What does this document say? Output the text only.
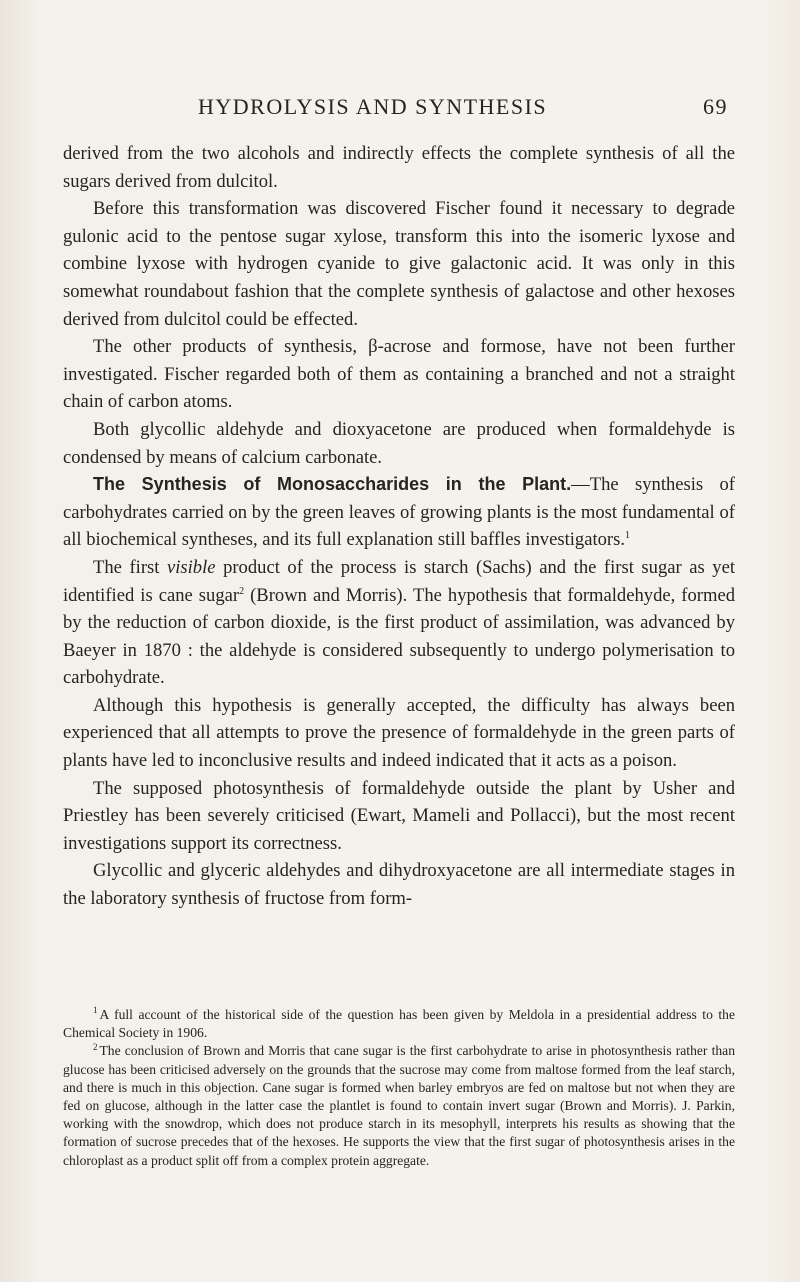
HYDROLYSIS AND SYNTHESIS	69

derived from the two alcohols and indirectly effects the complete synthesis of all the sugars derived from dulcitol.

Before this transformation was discovered Fischer found it necessary to degrade gulonic acid to the pentose sugar xylose, transform this into the isomeric lyxose and combine lyxose with hydrogen cyanide to give galactonic acid. It was only in this somewhat roundabout fashion that the complete synthesis of galactose and other hexoses derived from dulcitol could be effected.

The other products of synthesis, β-acrose and formose, have not been further investigated. Fischer regarded both of them as containing a branched and not a straight chain of carbon atoms.

Both glycollic aldehyde and dioxyacetone are produced when formaldehyde is condensed by means of calcium carbonate.

The Synthesis of Monosaccharides in the Plant.—The synthesis of carbohydrates carried on by the green leaves of growing plants is the most fundamental of all biochemical syntheses, and its full explanation still baffles investigators.$^1$

The first visible product of the process is starch (Sachs) and the first sugar as yet identified is cane sugar$^2$ (Brown and Morris). The hypothesis that formaldehyde, formed by the reduction of carbon dioxide, is the first product of assimilation, was advanced by Baeyer in 1870 : the aldehyde is considered subsequently to undergo polymerisation to carbohydrate.

Although this hypothesis is generally accepted, the difficulty has always been experienced that all attempts to prove the presence of formaldehyde in the green parts of plants have led to inconclusive results and indeed indicated that it acts as a poison.

The supposed photosynthesis of formaldehyde outside the plant by Usher and Priestley has been severely criticised (Ewart, Mameli and Pollacci), but the most recent investigations support its correctness.

Glycollic and glyceric aldehydes and dihydroxyacetone are all intermediate stages in the laboratory synthesis of fructose from form-

$^1$ A full account of the historical side of the question has been given by Meldola in a presidential address to the Chemical Society in 1906.

$^2$ The conclusion of Brown and Morris that cane sugar is the first carbohydrate to arise in photosynthesis rather than glucose has been criticised adversely on the grounds that the sucrose may come from maltose formed from the leaf starch, and there is much in this objection. Cane sugar is formed when barley embryos are fed on maltose but not when they are fed on glucose, although in the latter case the plantlet is found to contain invert sugar (Brown and Morris). J. Parkin, working with the snowdrop, which does not produce starch in its mesophyll, interprets his results as showing that the formation of sucrose precedes that of the hexoses. He supports the view that the first sugar of photosynthesis arises in the chloroplast as a product split off from a complex protein aggregate.
